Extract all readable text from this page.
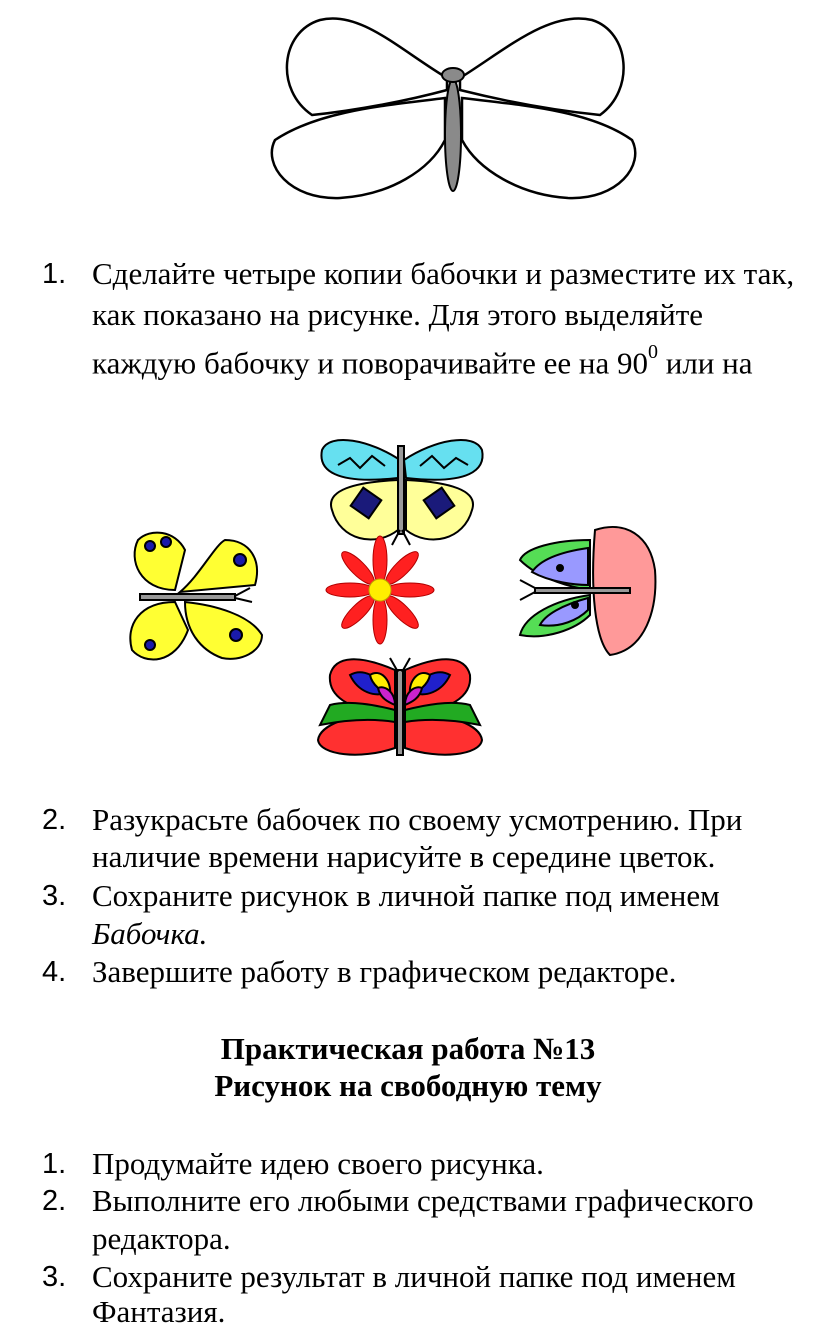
1. Сделайте четыре копии бабочки и разместите их так,
как показано на рисунке. Для этого выделяйте
каждую бабочку и поворачивайте ее на $90^0$ или на
2. Разукрасьте бабочек по своему усмотрению. При
наличие времени нарисуйте в середине цветок.
3. Сохраните рисунок в личной папке под именем
Бабочка.
4. Завершите работу в графическом редакторе.
Практическая работа №13
Рисунок на свободную тему
1. Продумайте идею своего рисунка.
2. Выполните его любыми средствами графического
редактора.
3. Сохраните результат в личной папке под именем
Фантазия.
